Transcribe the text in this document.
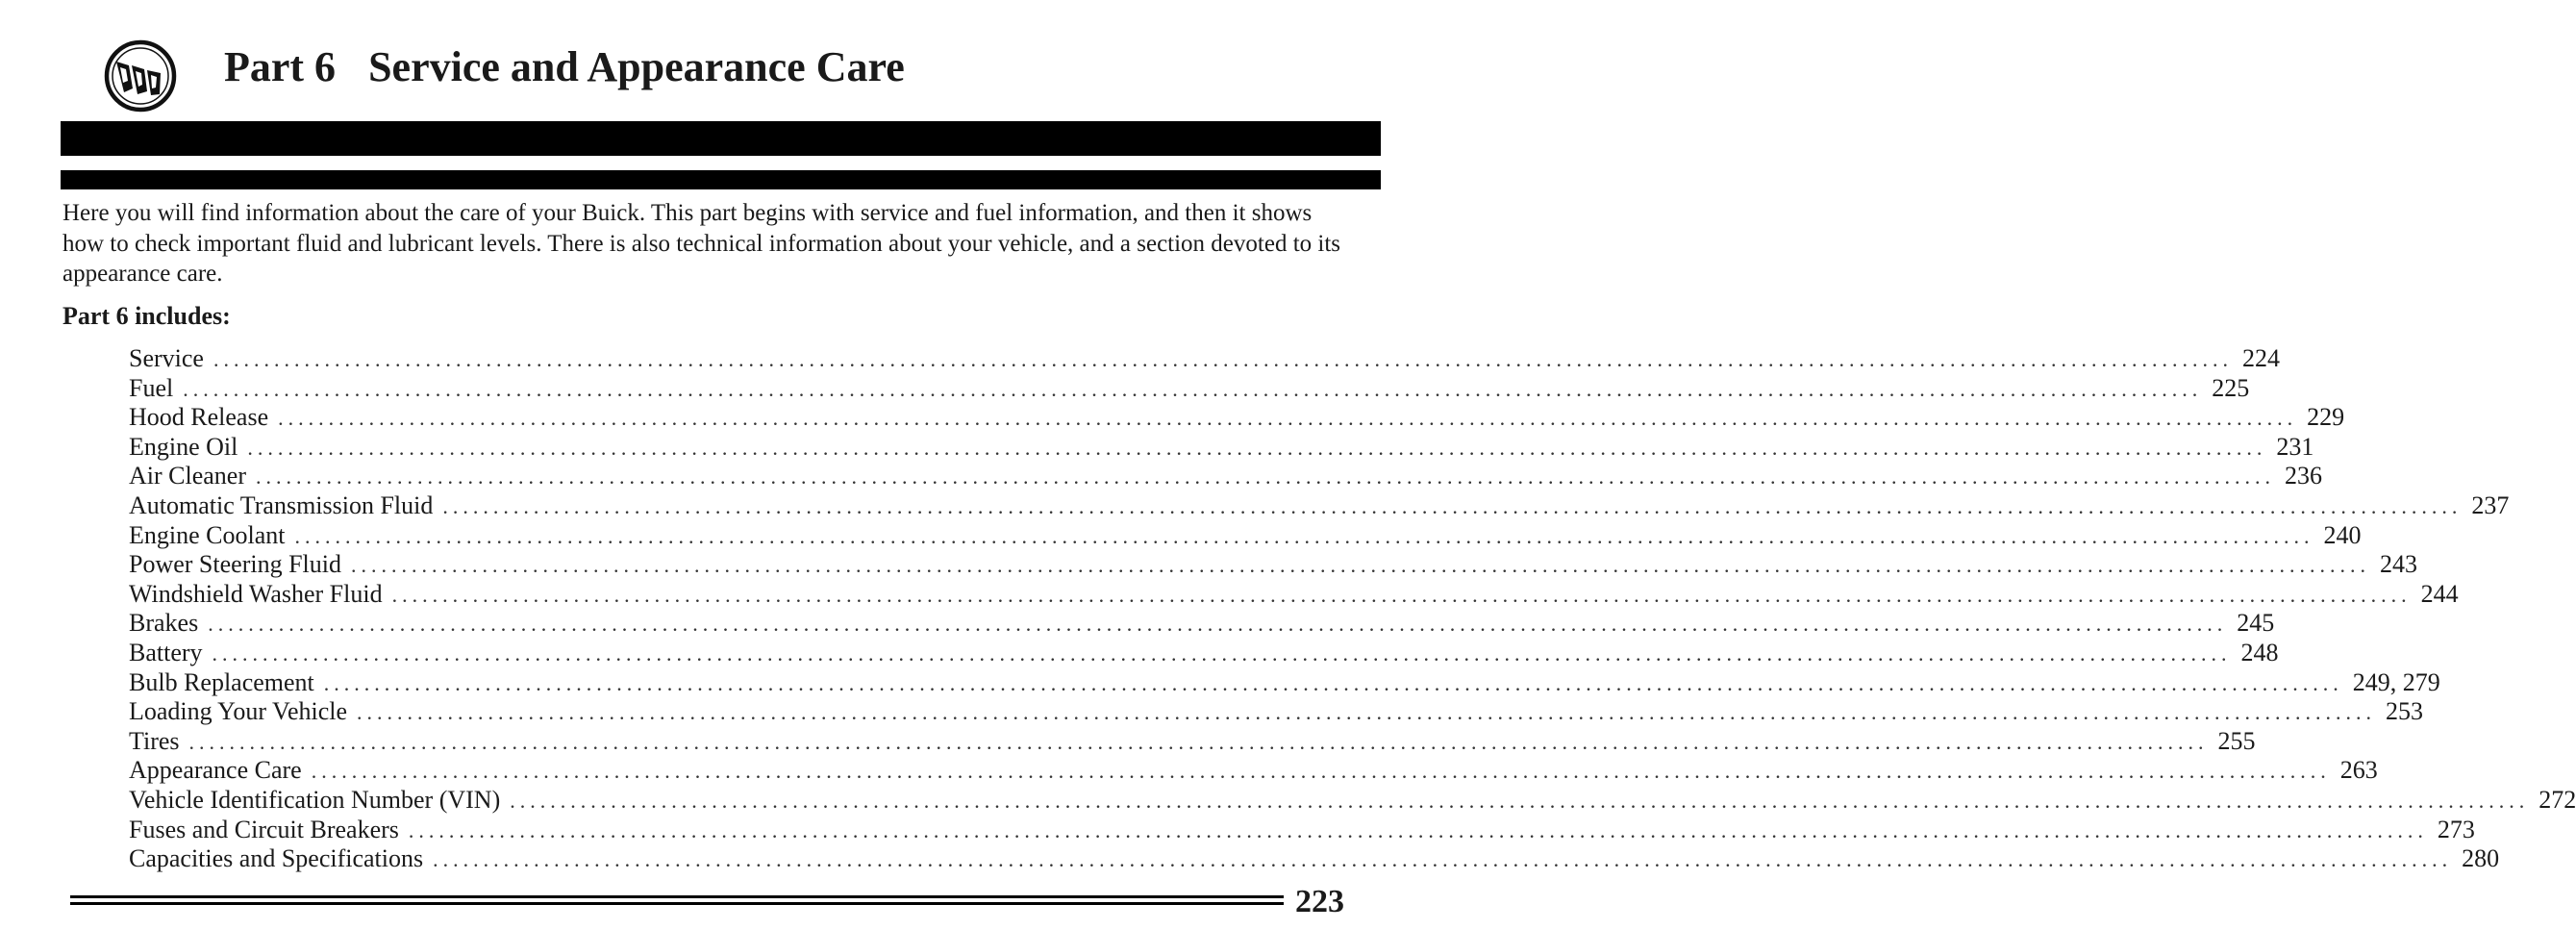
Part 6 Service and Appearance Care

Here you will find information about the care of your Buick. This part begins with service and fuel information, and then it shows how to check important fluid and lubricant levels. There is also technical information about your vehicle, and a section devoted to its appearance care.

Part 6 includes:
Service ........................................................................................................................................................................................................ 224
Fuel ........................................................................................................................................................................................................ 225
Hood Release ........................................................................................................................................................................................................ 229
Engine Oil ........................................................................................................................................................................................................ 231
Air Cleaner ........................................................................................................................................................................................................ 236
Automatic Transmission Fluid ........................................................................................................................................................................................................ 237
Engine Coolant ........................................................................................................................................................................................................ 240
Power Steering Fluid ........................................................................................................................................................................................................ 243
Windshield Washer Fluid ........................................................................................................................................................................................................ 244
Brakes ........................................................................................................................................................................................................ 245
Battery ........................................................................................................................................................................................................ 248
Bulb Replacement ........................................................................................................................................................................................................ 249, 279
Loading Your Vehicle ........................................................................................................................................................................................................ 253
Tires ........................................................................................................................................................................................................ 255
Appearance Care ........................................................................................................................................................................................................ 263
Vehicle Identification Number (VIN) ........................................................................................................................................................................................................ 272
Fuses and Circuit Breakers ........................................................................................................................................................................................................ 273
Capacities and Specifications ........................................................................................................................................................................................................ 280
223
